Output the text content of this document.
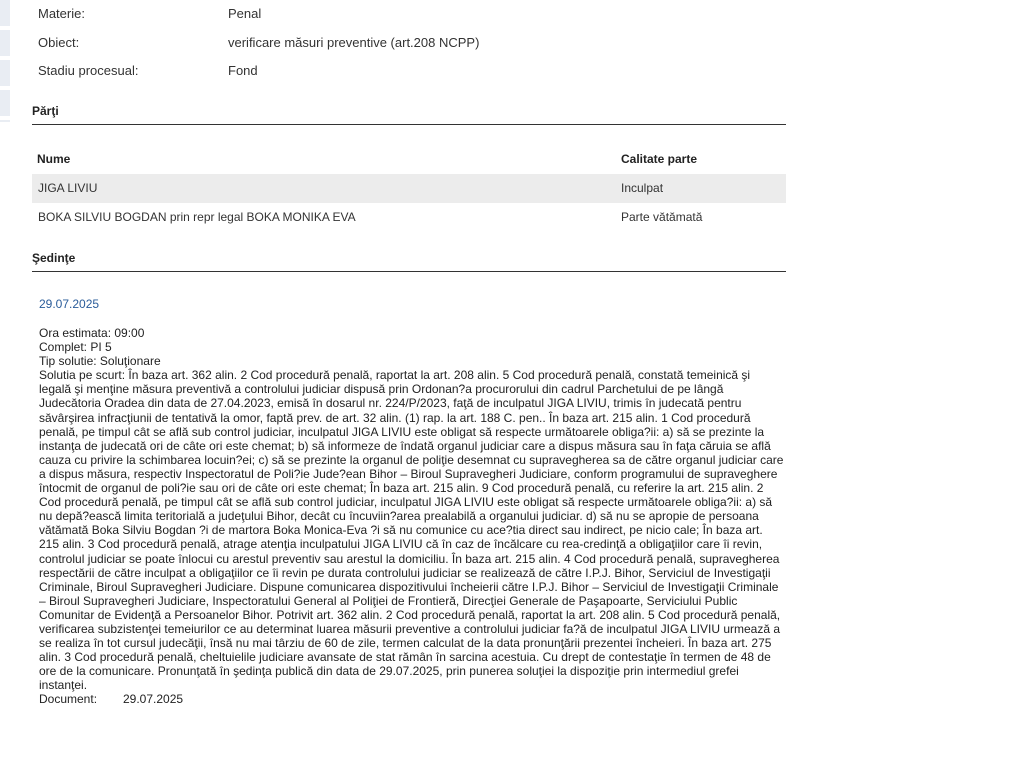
Materie:	Penal
Obiect:	verificare măsuri preventive (art.208 NCPP)
Stadiu procesual:	Fond
Părţi
Nume	Calitate parte
JIGA LIVIU	Inculpat
BOKA SILVIU BOGDAN prin repr legal BOKA MONIKA EVA	Parte vătămată
Şedinţe
29.07.2025
Ora estimata: 09:00
Complet: PI 5
Tip solutie: Soluţionare
Solutia pe scurt: În baza art. 362 alin. 2 Cod procedură penală, raportat la art. 208 alin. 5 Cod procedură penală, constată temeinică şi legală şi menţine măsura preventivă a controlului judiciar dispusă prin Ordonan?a procurorului din cadrul Parchetului de pe lângă Judecătoria Oradea din data de 27.04.2023, emisă în dosarul nr. 224/P/2023, faţă de inculpatul JIGA LIVIU, trimis în judecată pentru săvârşirea infracţiunii de tentativă la omor, faptă prev. de art. 32 alin. (1) rap. la art. 188 C. pen.. În baza art. 215 alin. 1 Cod procedură penală, pe timpul cât se află sub control judiciar, inculpatul JIGA LIVIU este obligat să respecte următoarele obliga?ii: a) să se prezinte la instanţa de judecată ori de câte ori este chemat; b) să informeze de îndată organul judiciar care a dispus măsura sau în faţa căruia se află cauza cu privire la schimbarea locuin?ei; c) să se prezinte la organul de poliţie desemnat cu supravegherea sa de către organul judiciar care a dispus măsura, respectiv Inspectoratul de Poli?ie Jude?ean Bihor – Biroul Supravegheri Judiciare, conform programului de supraveghere întocmit de organul de poli?ie sau ori de câte ori este chemat; În baza art. 215 alin. 9 Cod procedură penală, cu referire la art. 215 alin. 2 Cod procedură penală, pe timpul cât se află sub control judiciar, inculpatul JIGA LIVIU este obligat să respecte următoarele obliga?ii: a) să nu depă?ească limita teritorială a judeţului Bihor, decât cu încuviin?area prealabilă a organului judiciar. d) să nu se apropie de persoana vătămată Boka Silviu Bogdan ?i de martora Boka Monica-Eva ?i să nu comunice cu ace?tia direct sau indirect, pe nicio cale; În baza art. 215 alin. 3 Cod procedură penală, atrage atenţia inculpatului JIGA LIVIU că în caz de încălcare cu rea-credinţă a obligaţiilor care îi revin, controlul judiciar se poate înlocui cu arestul preventiv sau arestul la domiciliu. În baza art. 215 alin. 4 Cod procedură penală, supravegherea respectării de către inculpat a obligaţiilor ce îi revin pe durata controlului judiciar se realizează de către I.P.J. Bihor, Serviciul de Investigaţii Criminale, Biroul Supravegheri Judiciare. Dispune comunicarea dispozitivului încheierii către I.P.J. Bihor – Serviciul de Investigaţii Criminale – Biroul Supravegheri Judiciare, Inspectoratului General al Poliţiei de Frontieră, Direcţiei Generale de Paşapoarte, Serviciului Public Comunitar de Evidenţă a Persoanelor Bihor. Potrivit art. 362 alin. 2 Cod procedură penală, raportat la art. 208 alin. 5 Cod procedură penală, verificarea subzistenţei temeiurilor ce au determinat luarea măsurii preventive a controlului judiciar fa?ă de inculpatul JIGA LIVIU urmează a se realiza în tot cursul judecăţii, însă nu mai târziu de 60 de zile, termen calculat de la data pronunţării prezentei încheieri. În baza art. 275 alin. 3 Cod procedură penală, cheltuielile judiciare avansate de stat rămân în sarcina acestuia. Cu drept de contestaţie în termen de 48 de ore de la comunicare. Pronunţată în şedinţa publică din data de 29.07.2025, prin punerea soluţiei la dispoziţie prin intermediul grefei instanţei.
Document: 29.07.2025
